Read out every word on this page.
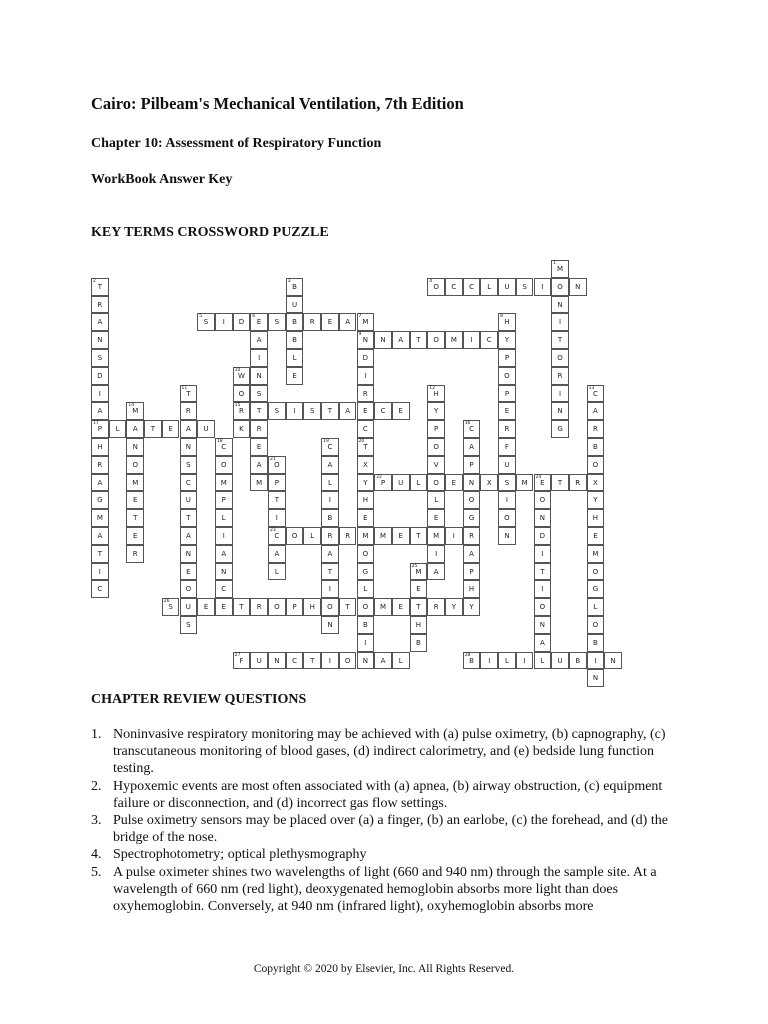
Cairo: Pilbeam's Mechanical Ventilation, 7th Edition
Chapter 10: Assessment of Respiratory Function
WorkBook Answer Key
KEY TERMS CROSSWORD PUZZLE
M
1
O
N
I
T
O
R
I
N
G
T
2
R
A
N
S
D
I
A
P
17
H
R
A
G
M
A
T
I
C
B
3
U
B
B
L
E
O
4
C	C	L	U	S	I	N
S
5
I	D	E
6
S	R	E	A	M
7
A
I
N
S
T
R
E
A
M
N
9
D
I
R
E
C
T
20
H
8
Y
P
O
P
E
R
F
U
S
I
O
N
N	A	T	O	M	I	C
W
10
O
R
15
K
T
11
R
A
N
S
C
U
T
A
N
E
O
U
S
H
12
Y
P
O
V
O
L
E
M
I
A
C
13
A
R
B
O
X
Y
H
E
M
O
G
L
O
B
I
N
M
14
A
N
O
M
E
T
E
R
S	I	S	T	A	C	E
C
16
A
P
N
O
G
R
A
P
H
Y
L	T	E	U
C
18
O
M
P
L
I
A
N
C
E
C
19
A
L
I
B
R
A
T
I
O
N
X
Y
H
E
M
O
G
L
O
B
I
N
O
21
P
T
I
C
23
A
L
P
22
U	L	E	X	M	E
24
T	R
O	L	R	M	E	T	I
O
N
D
I
T
I
O
N
A
L
M
25
E
T
H
B
S
26
E	T	R	O	P	H	T	M	E	R	Y
F
27
U	N	C	T	I	O	A	L	B
28
I	L	I	U	B	N
CHAPTER REVIEW QUESTIONS
1. Noninvasive respiratory monitoring may be achieved with (a) pulse oximetry, (b) capnography, (c) transcutaneous monitoring of blood gases, (d) indirect calorimetry, and (e) bedside lung function testing.
2. Hypoxemic events are most often associated with (a) apnea, (b) airway obstruction, (c) equipment failure or disconnection, and (d) incorrect gas flow settings.
3. Pulse oximetry sensors may be placed over (a) a finger, (b) an earlobe, (c) the forehead, and (d) the bridge of the nose.
4. Spectrophotometry; optical plethysmography
5. A pulse oximeter shines two wavelengths of light (660 and 940 nm) through the sample site. At a wavelength of 660 nm (red light), deoxygenated hemoglobin absorbs more light than does oxyhemoglobin. Conversely, at 940 nm (infrared light), oxyhemoglobin absorbs more

Copyright © 2020 by Elsevier, Inc. All Rights Reserved.
